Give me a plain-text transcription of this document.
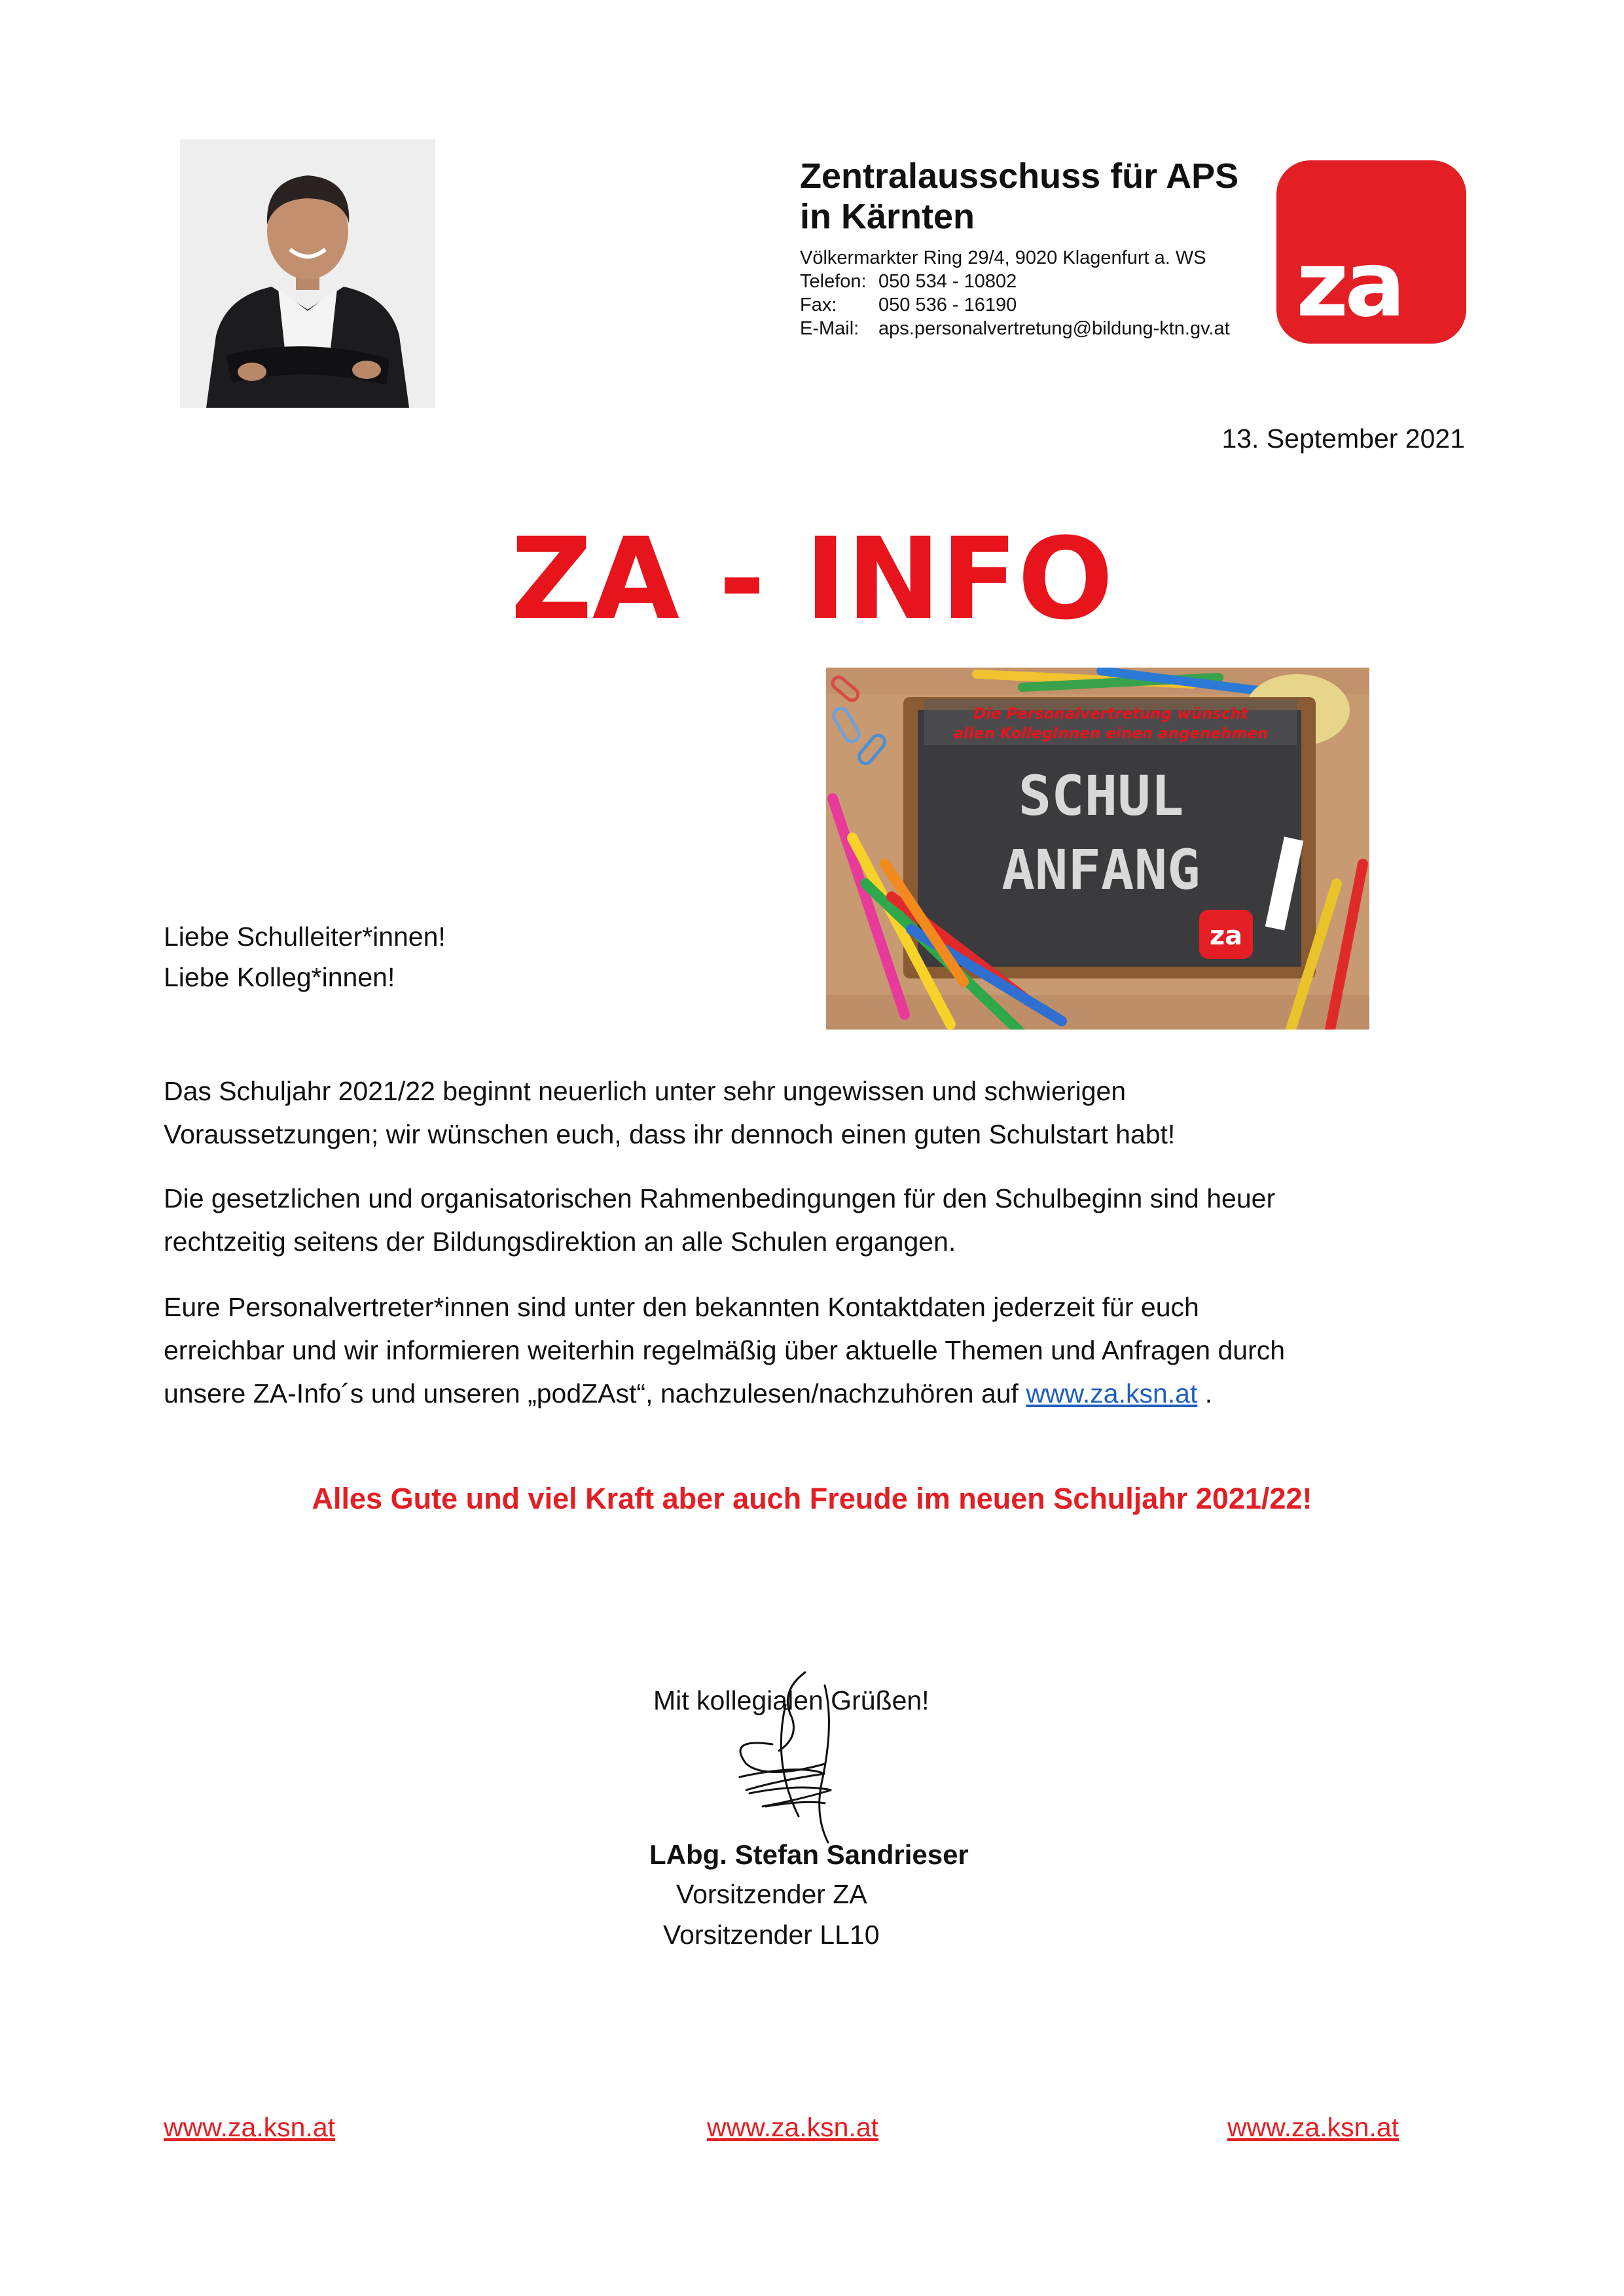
Zentralausschuss für APS
in Kärnten
Völkermarkter Ring 29/4, 9020 Klagenfurt a. WS
Telefon: 050 534 - 10802
Fax: 050 536 - 16190
E-Mail: aps.personalvertretung@bildung-ktn.gv.at za
13. September 2021
ZA - INFO
Die Personalvertretung wünscht
allen KollegInnen einen angenehmen
SCHUL
ANFANG
za
Liebe Schulleiter*innen!
Liebe Kolleg*innen!
Das Schuljahr 2021/22 beginnt neuerlich unter sehr ungewissen und schwierigen
Voraussetzungen; wir wünschen euch, dass ihr dennoch einen guten Schulstart habt!
Die gesetzlichen und organisatorischen Rahmenbedingungen für den Schulbeginn sind heuer
rechtzeitig seitens der Bildungsdirektion an alle Schulen ergangen.
Eure Personalvertreter*innen sind unter den bekannten Kontaktdaten jederzeit für euch
erreichbar und wir informieren weiterhin regelmäßig über aktuelle Themen und Anfragen durch
unsere ZA-Info´s und unseren „podZAst“, nachzulesen/nachzuhören auf www.za.ksn.at .
Alles Gute und viel Kraft aber auch Freude im neuen Schuljahr 2021/22!
Mit kollegialen Grüßen!
LAbg. Stefan Sandrieser
Vorsitzender ZA
Vorsitzender LL10
www.za.ksn.at	www.za.ksn.at	www.za.ksn.at
